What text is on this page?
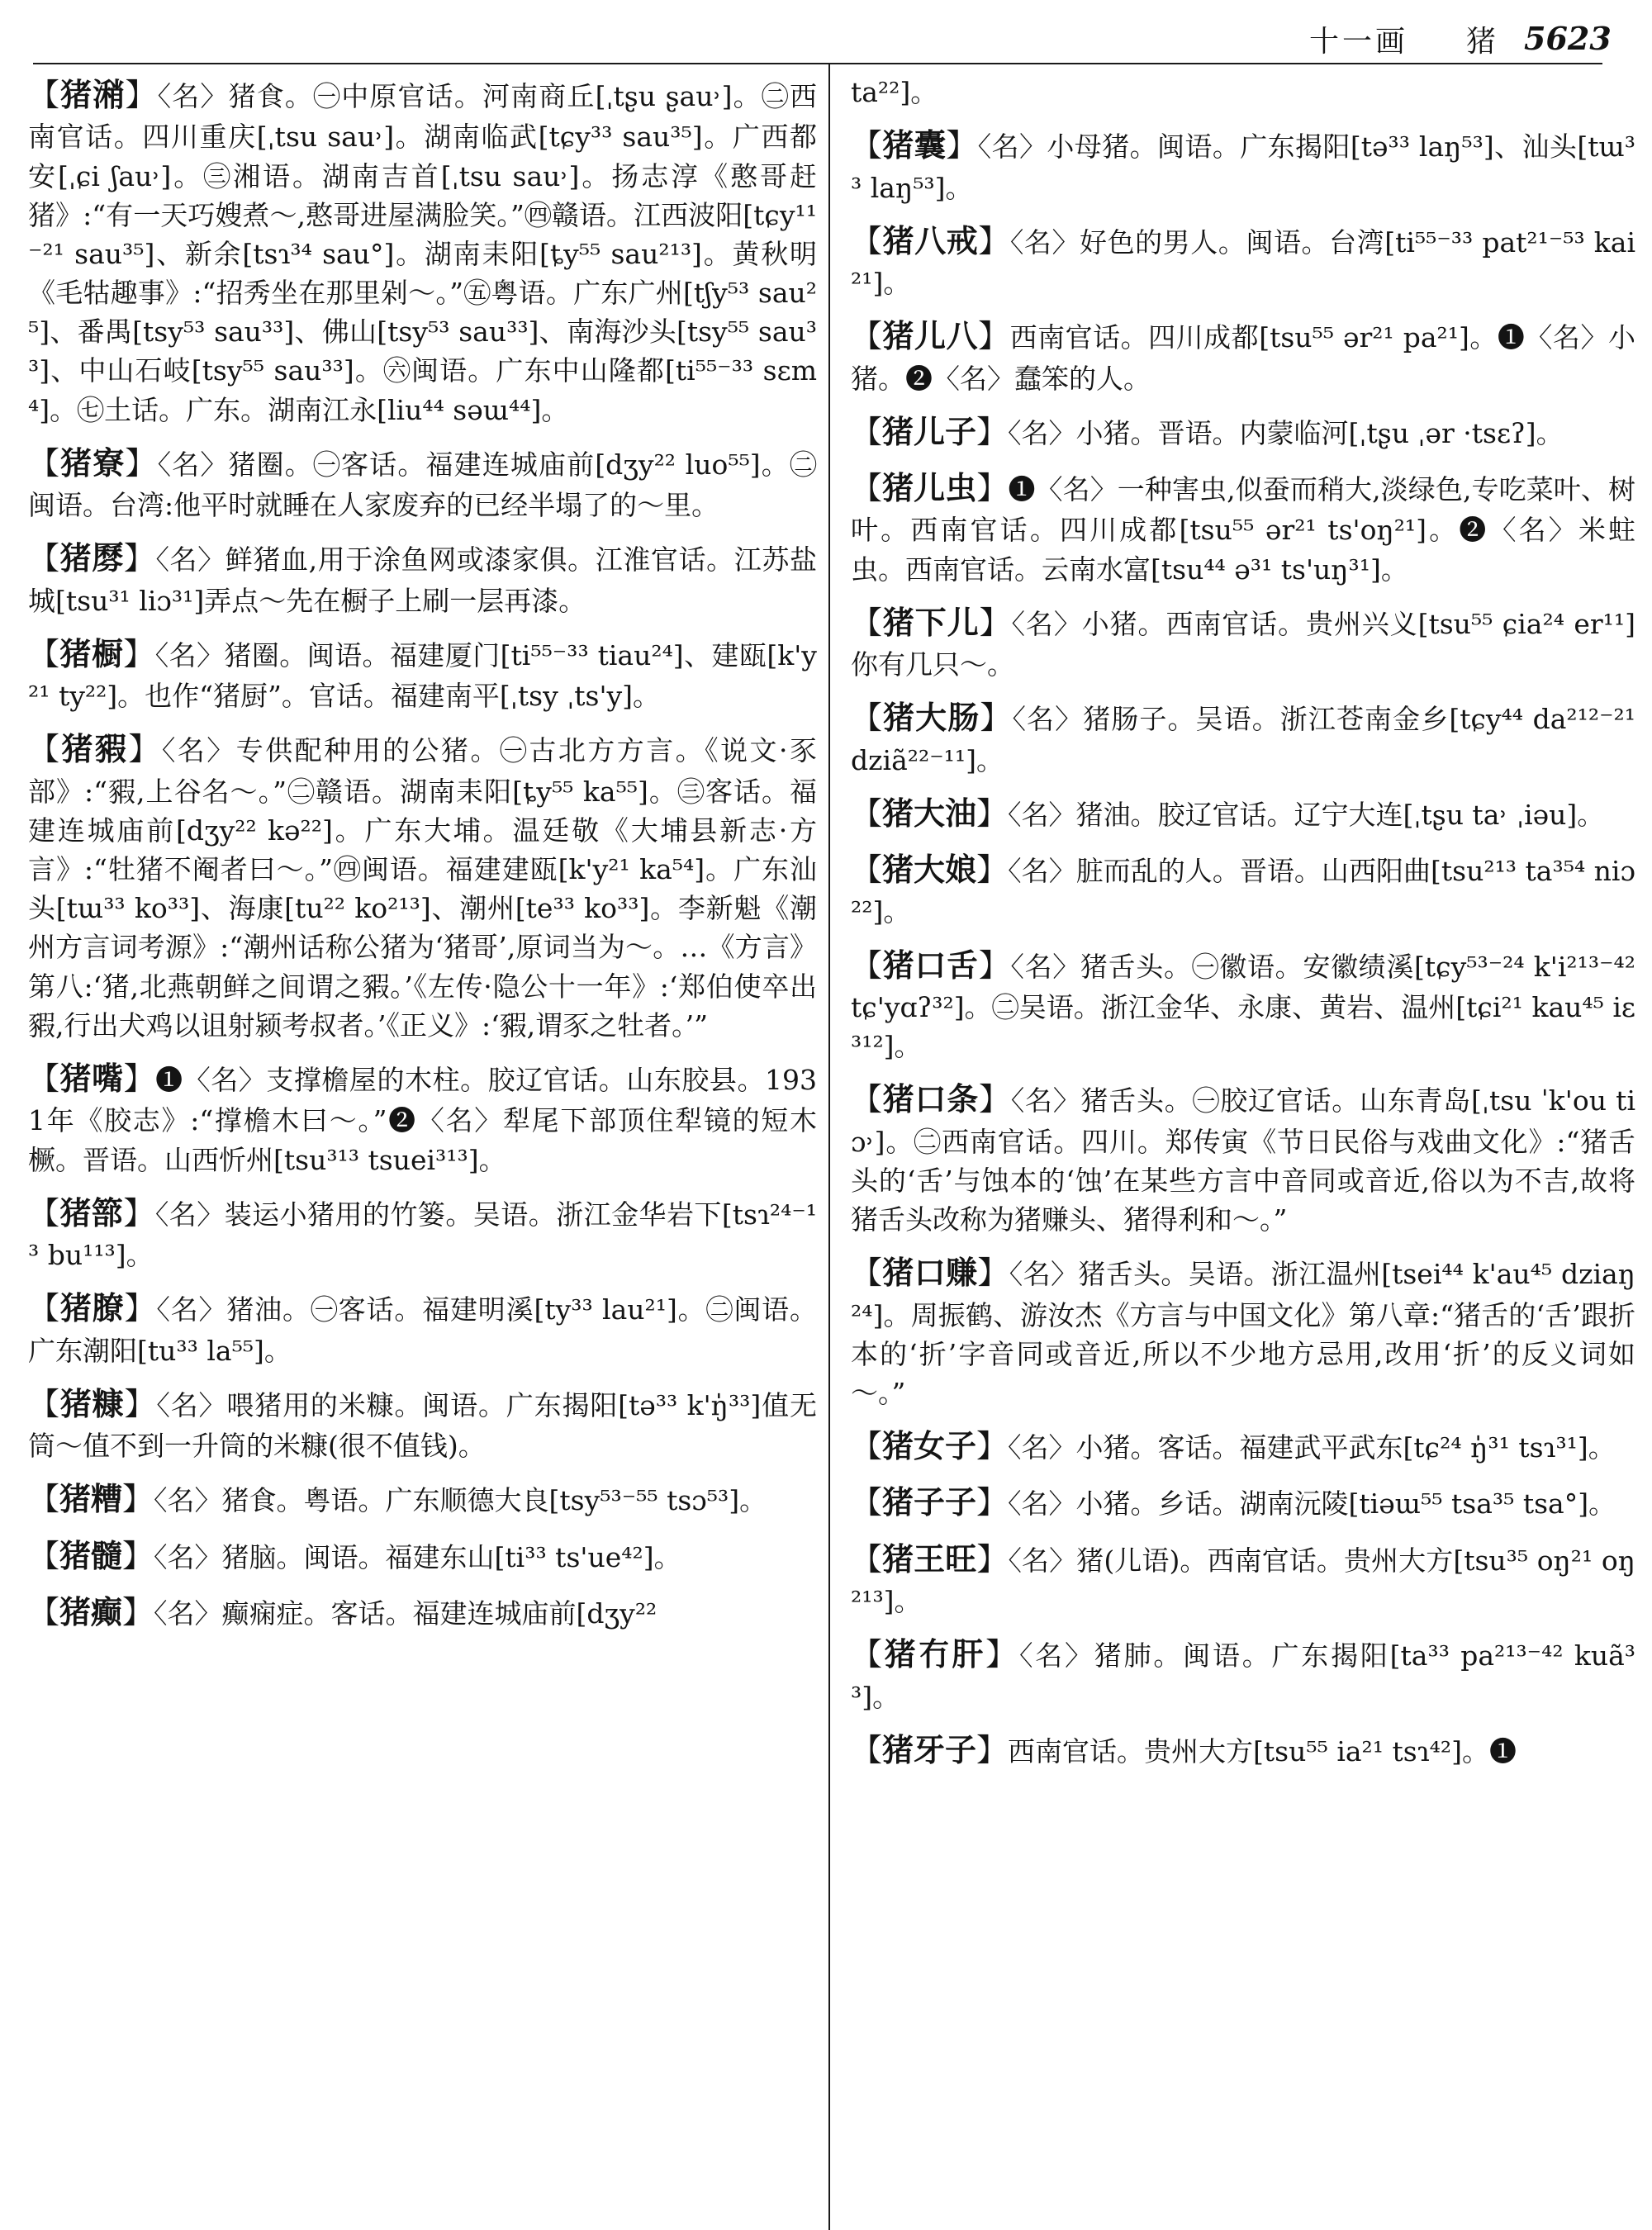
十一画 猪 5623

【猪潲】〈名〉猪食。㊀中原官话。河南商丘[ˌtʂu ʂau˒]。㊁西南官话。四川重庆[ˌtsu sau˒]。湖南临武[tɕy³³ sau³⁵]。广西都安[ˌɕi ʃau˒]。㊂湘语。湖南吉首[ˌtsu sau˒]。扬志淳《憨哥赶猪》:“有一天巧嫂煮～,憨哥进屋满脸笑。”㊃赣语。江西波阳[tɕy¹¹⁻²¹ sau³⁵]、新余[tsɿ³⁴ sau°]。湖南耒阳[ȶy⁵⁵ sau²¹³]。黄秋明《毛牯趣事》:“招秀坐在那里剁～。”㊄粤语。广东广州[tʃy⁵³ sau²⁵]、番禺[tsy⁵³ sau³³]、佛山[tsy⁵³ sau³³]、南海沙头[tsy⁵⁵ sau³³]、中山石岐[tsy⁵⁵ sau³³]。㊅闽语。广东中山隆都[ti⁵⁵⁻³³ sɛm⁴]。㊆土话。广东。湖南江永[liu⁴⁴ səɯ⁴⁴]。

【猪寮】〈名〉猪圈。㊀客话。福建连城庙前[dʒy²² luo⁵⁵]。㊁闽语。台湾:他平时就睡在人家废弃的已经半塌了的～里。

【猪𠪺】〈名〉鲜猪血,用于涂鱼网或漆家俱。江淮官话。江苏盐城[tsu³¹ liɔ³¹]弄点～先在橱子上刷一层再漆。

【猪橱】〈名〉猪圈。闽语。福建厦门[ti⁵⁵⁻³³ tiau²⁴]、建瓯[k'y²¹ ty²²]。也作“猪厨”。官话。福建南平[ˌtsy ˌts'y]。

【猪豭】〈名〉专供配种用的公猪。㊀古北方方言。《说文·豕部》:“豭,上谷名～。”㊁赣语。湖南耒阳[ȶy⁵⁵ ka⁵⁵]。㊂客话。福建连城庙前[dʒy²² kə²²]。广东大埔。温廷敬《大埔县新志·方言》:“牡猪不阉者曰～。”㊃闽语。福建建瓯[k'y²¹ ka⁵⁴]。广东汕头[tɯ³³ ko³³]、海康[tu²² ko²¹³]、潮州[te³³ ko³³]。李新魁《潮州方言词考源》:“潮州话称公猪为‘猪哥’,原词当为～。…《方言》第八:‘猪,北燕朝鲜之间谓之豭。’《左传·隐公十一年》:‘郑伯使卒出豭,行出犬鸡以诅射颍考叔者。’《正义》:‘豭,谓豕之牡者。’”

【猪嘴】❶〈名〉支撑檐屋的木柱。胶辽官话。山东胶县。1931年《胶志》:“撑檐木曰～。”❷〈名〉犁尾下部顶住犁镜的短木橛。晋语。山西忻州[tsu³¹³ tsuei³¹³]。

【猪篰】〈名〉装运小猪用的竹篓。吴语。浙江金华岩下[tsɿ²⁴⁻¹³ bu¹¹³]。

【猪膫】〈名〉猪油。㊀客话。福建明溪[ty³³ lau²¹]。㊁闽语。广东潮阳[tu³³ la⁵⁵]。

【猪糠】〈名〉喂猪用的米糠。闽语。广东揭阳[tə³³ k'ŋ̍³³]值无筒～值不到一升筒的米糠(很不值钱)。

【猪糟】〈名〉猪食。粤语。广东顺德大良[tsy⁵³⁻⁵⁵ tsɔ⁵³]。

【猪髓】〈名〉猪脑。闽语。福建东山[ti³³ ts'ue⁴²]。

【猪癫】〈名〉癫痫症。客话。福建连城庙前[dʒy²²

ta²²]。

【猪囊】〈名〉小母猪。闽语。广东揭阳[tə³³ laŋ⁵³]、汕头[tɯ³³ laŋ⁵³]。

【猪八戒】〈名〉好色的男人。闽语。台湾[ti⁵⁵⁻³³ pat²¹⁻⁵³ kai²¹]。

【猪儿八】西南官话。四川成都[tsu⁵⁵ ər²¹ pa²¹]。❶〈名〉小猪。❷〈名〉蠢笨的人。

【猪儿子】〈名〉小猪。晋语。内蒙临河[ˌtʂu ˌər ·tsɛʔ]。

【猪儿虫】❶〈名〉一种害虫,似蚕而稍大,淡绿色,专吃菜叶、树叶。西南官话。四川成都[tsu⁵⁵ ər²¹ ts'oŋ²¹]。❷〈名〉米蛀虫。西南官话。云南水富[tsu⁴⁴ ə³¹ ts'uŋ³¹]。

【猪下儿】〈名〉小猪。西南官话。贵州兴义[tsu⁵⁵ ɕia²⁴ er¹¹]你有几只～。

【猪大肠】〈名〉猪肠子。吴语。浙江苍南金乡[tɕy⁴⁴ da²¹²⁻²¹ dziã²²⁻¹¹]。

【猪大油】〈名〉猪油。胶辽官话。辽宁大连[ˌtʂu ta˒ ˌiəu]。

【猪大娘】〈名〉脏而乱的人。晋语。山西阳曲[tsu²¹³ ta³⁵⁴ niɔ²²]。

【猪口舌】〈名〉猪舌头。㊀徽语。安徽绩溪[tɕy⁵³⁻²⁴ k'i²¹³⁻⁴² tɕ'yɑʔ³²]。㊁吴语。浙江金华、永康、黄岩、温州[tɕi²¹ kau⁴⁵ iɛ³¹²]。

【猪口条】〈名〉猪舌头。㊀胶辽官话。山东青岛[ˌtsu ˈk'ou tiɔ˒]。㊁西南官话。四川。郑传寅《节日民俗与戏曲文化》:“猪舌头的‘舌’与蚀本的‘蚀’在某些方言中音同或音近,俗以为不吉,故将猪舌头改称为猪赚头、猪得利和～。”

【猪口赚】〈名〉猪舌头。吴语。浙江温州[tsei⁴⁴ k'au⁴⁵ dziaŋ²⁴]。周振鹤、游汝杰《方言与中国文化》第八章:“猪舌的‘舌’跟折本的‘折’字音同或音近,所以不少地方忌用,改用‘折’的反义词如～。”

【猪女子】〈名〉小猪。客话。福建武平武东[tɕ²⁴ ŋ̍³¹ tsɿ³¹]。

【猪子子】〈名〉小猪。乡话。湖南沅陵[tiəɯ⁵⁵ tsa³⁵ tsa°]。

【猪王旺】〈名〉猪(儿语)。西南官话。贵州大方[tsu³⁵ oŋ²¹ oŋ²¹³]。

【猪冇肝】〈名〉猪肺。闽语。广东揭阳[ta³³ pa²¹³⁻⁴² kuã³³]。

【猪牙子】西南官话。贵州大方[tsu⁵⁵ ia²¹ tsɿ⁴²]。❶
